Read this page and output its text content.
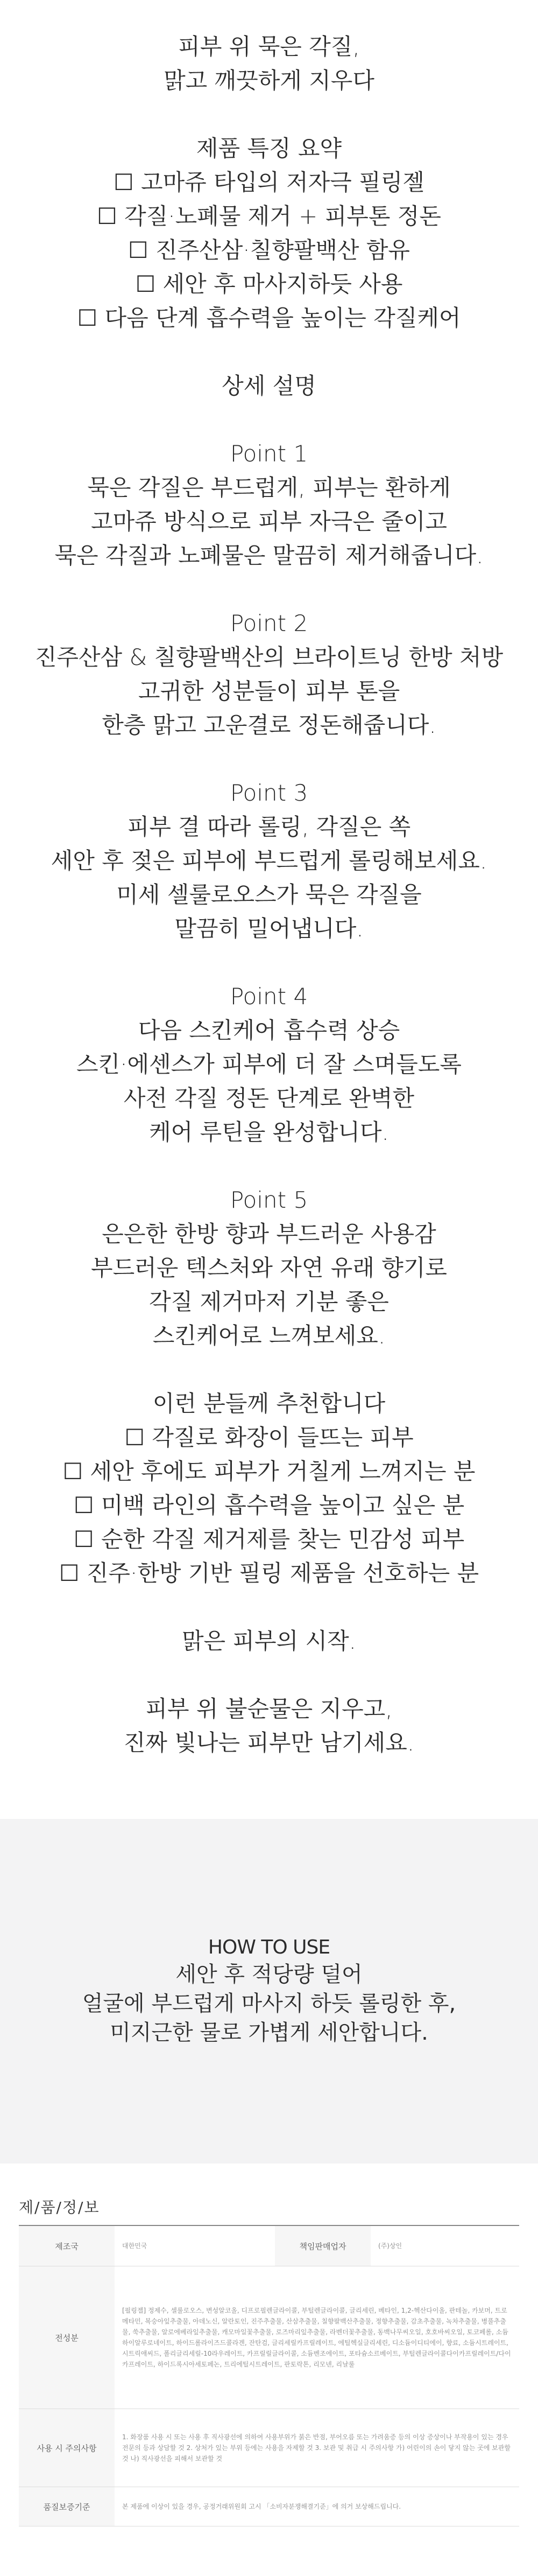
피부 위 묵은 각질,
맑고 깨끗하게 지우다
제품 특징 요약
☐ 고마쥬 타입의 저자극 필링젤
☐ 각질·노폐물 제거 + 피부톤 정돈
☐ 진주산삼·칠향팔백산 함유
☐ 세안 후 마사지하듯 사용
☐ 다음 단계 흡수력을 높이는 각질케어
상세 설명
Point 1
묵은 각질은 부드럽게, 피부는 환하게
고마쥬 방식으로 피부 자극은 줄이고
묵은 각질과 노폐물은 말끔히 제거해줍니다.
Point 2
진주산삼 & 칠향팔백산의 브라이트닝 한방 처방
고귀한 성분들이 피부 톤을
한층 맑고 고운결로 정돈해줍니다.
Point 3
피부 결 따라 롤링, 각질은 쏙
세안 후 젖은 피부에 부드럽게 롤링해보세요.
미세 셀룰로오스가 묵은 각질을
말끔히 밀어냅니다.
Point 4
다음 스킨케어 흡수력 상승
스킨·에센스가 피부에 더 잘 스며들도록
사전 각질 정돈 단계로 완벽한
케어 루틴을 완성합니다.
Point 5
은은한 한방 향과 부드러운 사용감
부드러운 텍스처와 자연 유래 향기로
각질 제거마저 기분 좋은
스킨케어로 느껴보세요.
이런 분들께 추천합니다
☐ 각질로 화장이 들뜨는 피부
☐ 세안 후에도 피부가 거칠게 느껴지는 분
☐ 미백 라인의 흡수력을 높이고 싶은 분
☐ 순한 각질 제거제를 찾는 민감성 피부
☐ 진주·한방 기반 필링 제품을 선호하는 분
맑은 피부의 시작.
피부 위 불순물은 지우고,
진짜 빛나는 피부만 남기세요.
HOW TO USE
세안 후 적당량 덜어
얼굴에 부드럽게 마사지 하듯 롤링한 후,
미지근한 물로 가볍게 세안합니다.
제/품/정/보
제조국	대한민국	책임판매업자	(주)상인
전성분	[필링젤] 정제수, 셀룰로오스, 변성알코올, 디프로필렌글라이콜, 부틸렌글라이콜, 글리세린, 베타인, 1,2-헥산다이올, 판테놀, 카보머, 트로메타민, 복숭아잎추출물, 아데노신, 알란토인, 진주추출물, 산삼추출물, 칠향팔백산추출물, 정향추출물, 감초추출물, 녹차추출물, 병풀추출물, 쑥추출물, 알로에베라잎추출물, 캐모마일꽃추출물, 로즈마리잎추출물, 라벤더꽃추출물, 동백나무씨오일, 호호바씨오일, 토코페롤, 소듐하이알루로네이트, 하이드롤라이즈드콜라겐, 잔탄검, 글리세릴카프릴레이트, 에틸헥실글리세린, 디소듐이디티에이, 향료, 소듐시트레이트, 시트릭애씨드, 폴리글리세릴-10라우레이트, 카프릴릴글라이콜, 소듐벤조에이트, 포타슘소르베이트, 부틸렌글라이콜다이카프릴레이트/다이카프레이트, 하이드록시아세토페논, 트리에틸시트레이트, 판토락톤, 리모넨, 리날룰		
사용 시 주의사항	1. 화장품 사용 시 또는 사용 후 직사광선에 의하여 사용부위가 붉은 반점, 부어오름 또는 가려움증 등의 이상 증상이나 부작용이 있는 경우 전문의 등과 상담할 것 2. 상처가 있는 부위 등에는 사용을 자제할 것 3. 보관 및 취급 시 주의사항 가) 어린이의 손이 닿지 않는 곳에 보관할 것 나) 직사광선을 피해서 보관할 것		
품질보증기준	본 제품에 이상이 있을 경우, 공정거래위원회 고시 「소비자분쟁해결기준」에 의거 보상해드립니다.		
